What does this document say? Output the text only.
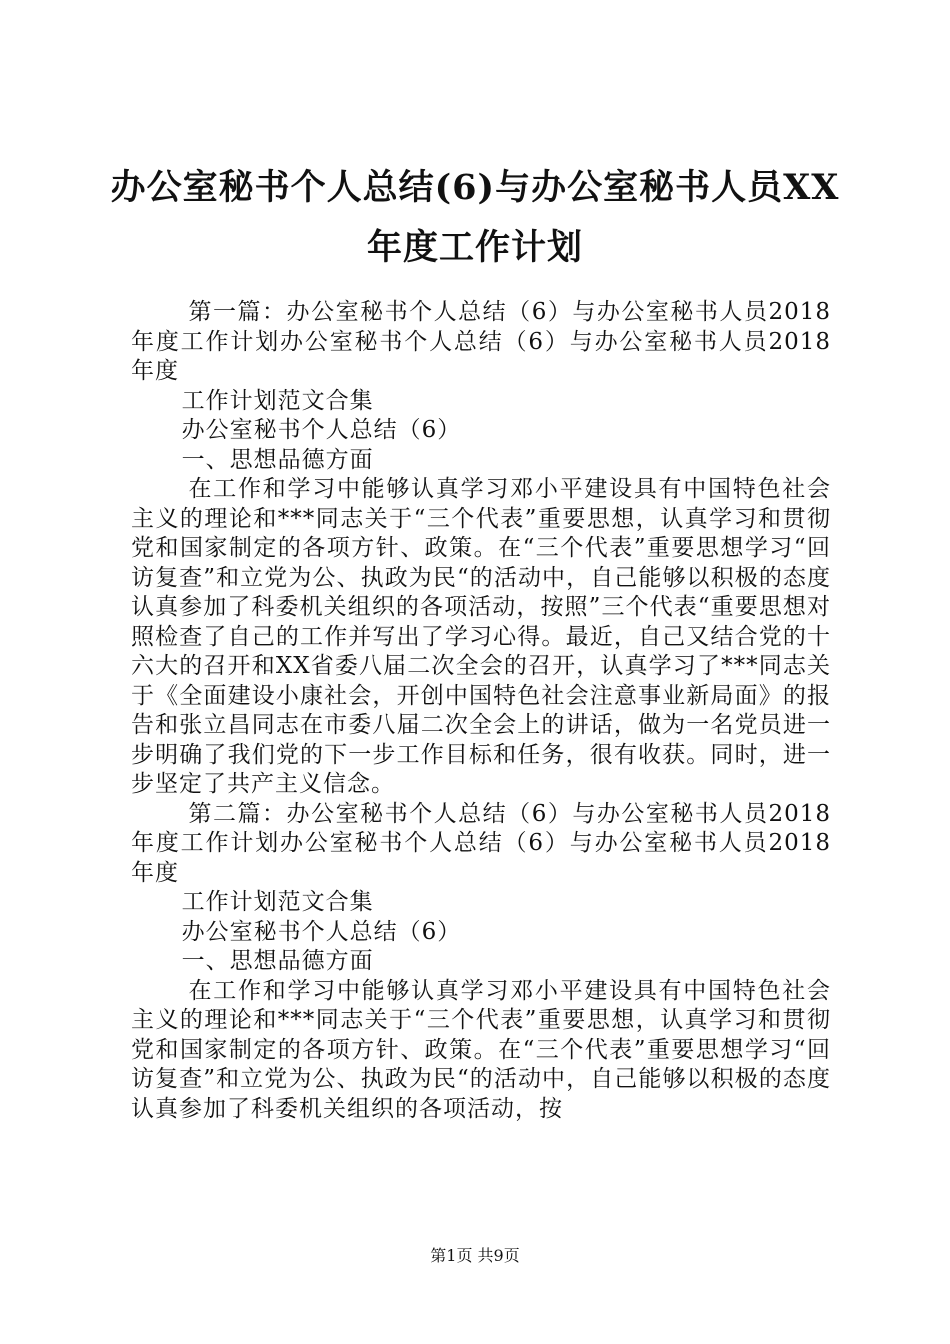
办公室秘书个人总结(6)与办公室秘书人员XX年度工作计划

第一篇：办公室秘书个人总结（6）与办公室秘书人员2018年度工作计划办公室秘书个人总结（6）与办公室秘书人员2018年度

工作计划范文合集

办公室秘书个人总结（6）

一、思想品德方面

在工作和学习中能够认真学习邓小平建设具有中国特色社会主义的理论和***同志关于“三个代表”重要思想，认真学习和贯彻党和国家制定的各项方针、政策。在“三个代表”重要思想学习“回访复查”和立党为公、执政为民“的活动中，自己能够以积极的态度认真参加了科委机关组织的各项活动，按照”三个代表“重要思想对照检查了自己的工作并写出了学习心得。最近，自己又结合党的十六大的召开和XX省委八届二次全会的召开，认真学习了***同志关于《全面建设小康社会，开创中国特色社会注意事业新局面》的报告和张立昌同志在市委八届二次全会上的讲话，做为一名党员进一步明确了我们党的下一步工作目标和任务，很有收获。同时，进一步坚定了共产主义信念。

第二篇：办公室秘书个人总结（6）与办公室秘书人员2018年度工作计划办公室秘书个人总结（6）与办公室秘书人员2018年度

工作计划范文合集

办公室秘书个人总结（6）

一、思想品德方面

在工作和学习中能够认真学习邓小平建设具有中国特色社会主义的理论和***同志关于“三个代表”重要思想，认真学习和贯彻党和国家制定的各项方针、政策。在“三个代表”重要思想学习“回访复查”和立党为公、执政为民“的活动中，自己能够以积极的态度认真参加了科委机关组织的各项活动，按

第1页 共9页
